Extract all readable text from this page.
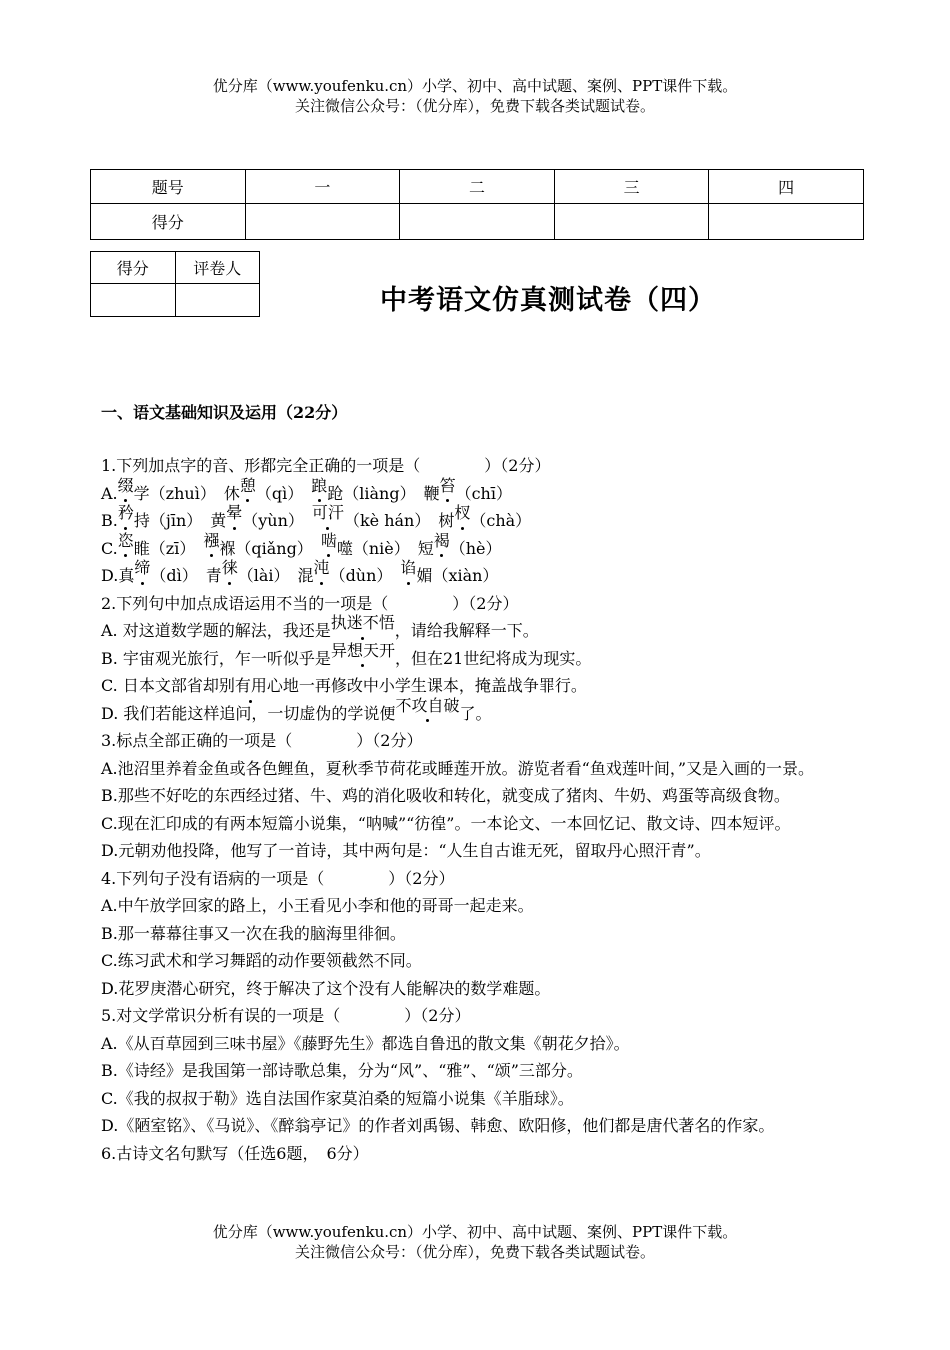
优分库（www.youfenku.cn）小学、初中、高中试题、案例、PPT课件下载。
关注微信公众号：（优分库），免费下载各类试题试卷。
题号	一	二	三	四
得分				
得分	评卷人

中考语文仿真测试卷（四）
一、语文基础知识及运用（22分）
1.下列加点字的音、形都完全正确的一项是（　　　　）（2分）
A.缀学（zhuì）　休憩（qì）　踉跄（liàng）　鞭笞（chī）
B.矜持（jīn）　黄晕（yùn）　可汗（kè hán）　树杈（chà）
C.恣睢（zī）　襁褓（qiǎng）　啮噬（niè）　短褐（hè）
D.真缔（dì）　青徕（lài）　混沌（dùn）　谄媚（xiàn）
2.下列句中加点成语运用不当的一项是（　　　　）（2分）
A. 对这道数学题的解法，我还是执迷不悟，请给我解释一下。
B. 宇宙观光旅行，乍一听似乎是异想天开，但在21世纪将成为现实。
C. 日本文部省却别有用心地一再修改中小学生课本，掩盖战争罪行。
D. 我们若能这样追问，一切虚伪的学说便不攻自破了。
3.标点全部正确的一项是（　　　　）（2分）
A.池沼里养着金鱼或各色鲤鱼，夏秋季节荷花或睡莲开放。游览者看“鱼戏莲叶间，”又是入画的一景。
B.那些不好吃的东西经过猪、牛、鸡的消化吸收和转化，就变成了猪肉、牛奶、鸡蛋等高级食物。
C.现在汇印成的有两本短篇小说集，“呐喊”“彷徨”。一本论文、一本回忆记、散文诗、四本短评。
D.元朝劝他投降，他写了一首诗，其中两句是：“人生自古谁无死，留取丹心照汗青”。
4.下列句子没有语病的一项是（　　　　）（2分）
A.中午放学回家的路上，小王看见小李和他的哥哥一起走来。
B.那一幕幕往事又一次在我的脑海里徘徊。
C.练习武术和学习舞蹈的动作要领截然不同。
D.花罗庚潜心研究，终于解决了这个没有人能解决的数学难题。
5.对文学常识分析有误的一项是（　　　　）（2分）
A.《从百草园到三味书屋》《藤野先生》都选自鲁迅的散文集《朝花夕拾》。
B.《诗经》是我国第一部诗歌总集，分为“风”、“雅”、“颂”三部分。
C.《我的叔叔于勒》选自法国作家莫泊桑的短篇小说集《羊脂球》。
D.《陋室铭》、《马说》、《醉翁亭记》的作者刘禹锡、韩愈、欧阳修，他们都是唐代著名的作家。
6.古诗文名句默写（任选6题，　6分）
优分库（www.youfenku.cn）小学、初中、高中试题、案例、PPT课件下载。
关注微信公众号：（优分库），免费下载各类试题试卷。
